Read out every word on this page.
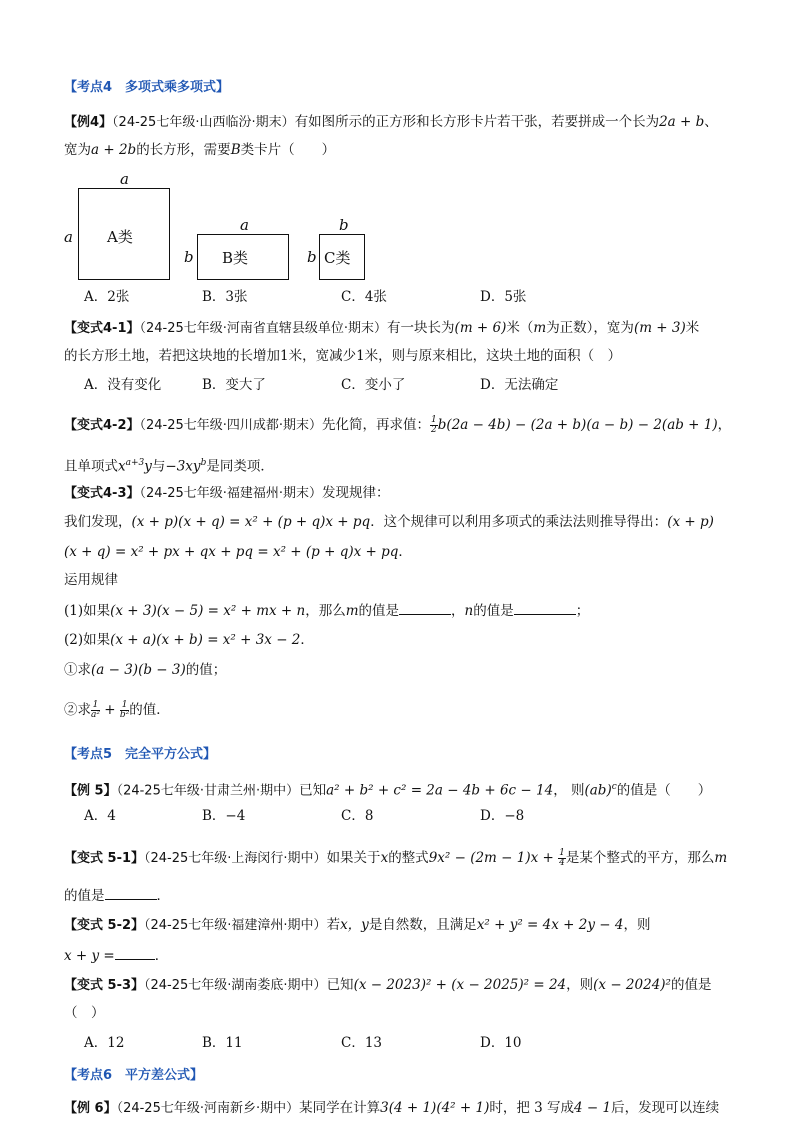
【考点4　多项式乘多项式】
【例4】（24-25七年级·山西临汾·期末）有如图所示的正方形和长方形卡片若干张，若要拼成一个长为2a + b、
宽为a + 2b的长方形，需要B类卡片（　　）
a
a A类
a
b B类
b
b C类
A．2张	B．3张	C．4张	D．5张
【变式4-1】（24-25七年级·河南省直辖县级单位·期末）有一块长为(m + 6)米（m为正数），宽为(m + 3)米
的长方形土地，若把这块地的长增加1米，宽减少1米，则与原来相比，这块土地的面积（　）
A．没有变化	B．变大了	C．变小了	D．无法确定
【变式4-2】（24-25七年级·四川成都·期末）先化简，再求值： $\frac{1}{2} b(2a - 4b) - (2a + b)(a - b) - 2(ab + 1)$，
且单项式$x^{a+3}y$与$-3xy^b$是同类项．
【变式4-3】（24-25七年级·福建福州·期末）发现规律：
我们发现，(x + p)(x + q) = x² + (p + q)x + pq．这个规律可以利用多项式的乘法法则推导得出：(x + p)
(x + q) = x² + px + qx + pq = x² + (p + q)x + pq．
运用规律
(1)如果(x + 3)(x − 5) = x² + mx + n，那么m的值是	，n的值是	；
(2)如果(x + a)(x + b) = x² + 3x − 2．
①求(a − 3)(b − 3)的值；
②求 $\frac{1}{\text{a²}} + \frac{1}{\text{b²}}$ 的值．
【考点5　完全平方公式】
【例 5】（24-25七年级·甘肃兰州·期中）已知a² + b² + c² = 2a − 4b + 6c − 14， 则(ab)$^c$的值是（　　）
A．4	B．−4	C．8	D．−8
【变式 5-1】（24-25七年级·上海闵行·期中）如果关于x的整式$9x^2 - (2m - 1)x + \frac{1}{4}$ 是某个整式的平方，那么m
的值是	．
【变式 5-2】（24-25七年级·福建漳州·期中）若x，y是自然数，且满足x² + y² = 4x + 2y − 4，则
x + y =	．
【变式 5-3】（24-25七年级·湖南娄底·期中）已知(x − 2023)² + (x − 2025)² = 24，则(x − 2024)²的值是
（　）
A．12	B．11	C．13	D．10
【考点6　平方差公式】
【例 6】（24-25七年级·河南新乡·期中）某同学在计算3(4 + 1)(4² + 1)时，把 3 写成4 − 1后，发现可以连续
